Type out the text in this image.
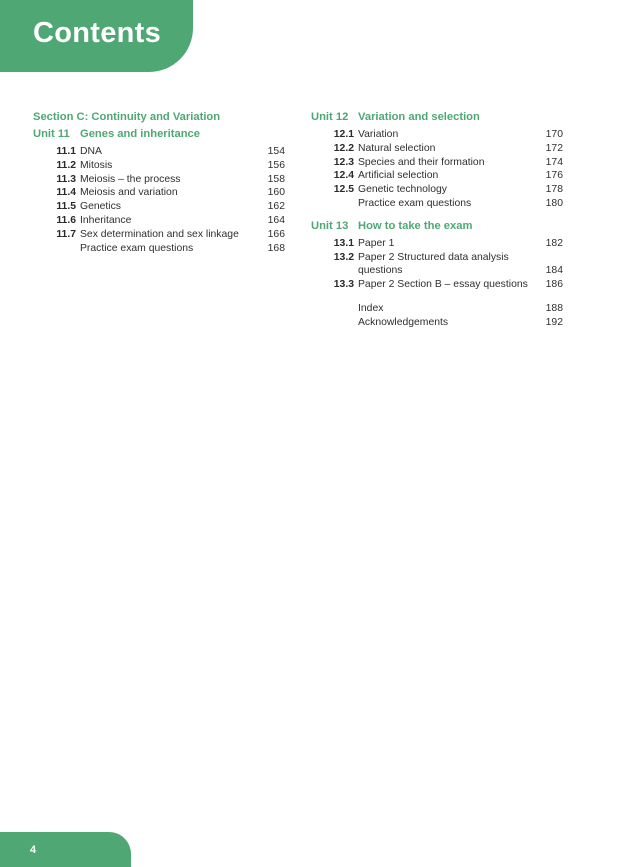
Contents
Section C: Continuity and Variation
Unit 11 Genes and inheritance
11.1 DNA	154
11.2 Mitosis	156
11.3 Meiosis – the process	158
11.4 Meiosis and variation	160
11.5 Genetics	162
11.6 Inheritance	164
11.7 Sex determination and sex linkage	166
Practice exam questions	168
Unit 12 Variation and selection
12.1 Variation	170
12.2 Natural selection	172
12.3 Species and their formation	174
12.4 Artificial selection	176
12.5 Genetic technology	178
Practice exam questions	180
Unit 13 How to take the exam
13.1 Paper 1	182
13.2 Paper 2 Structured data analysis
questions	184
13.3 Paper 2 Section B – essay questions	186
Index	188
Acknowledgements	192
4
